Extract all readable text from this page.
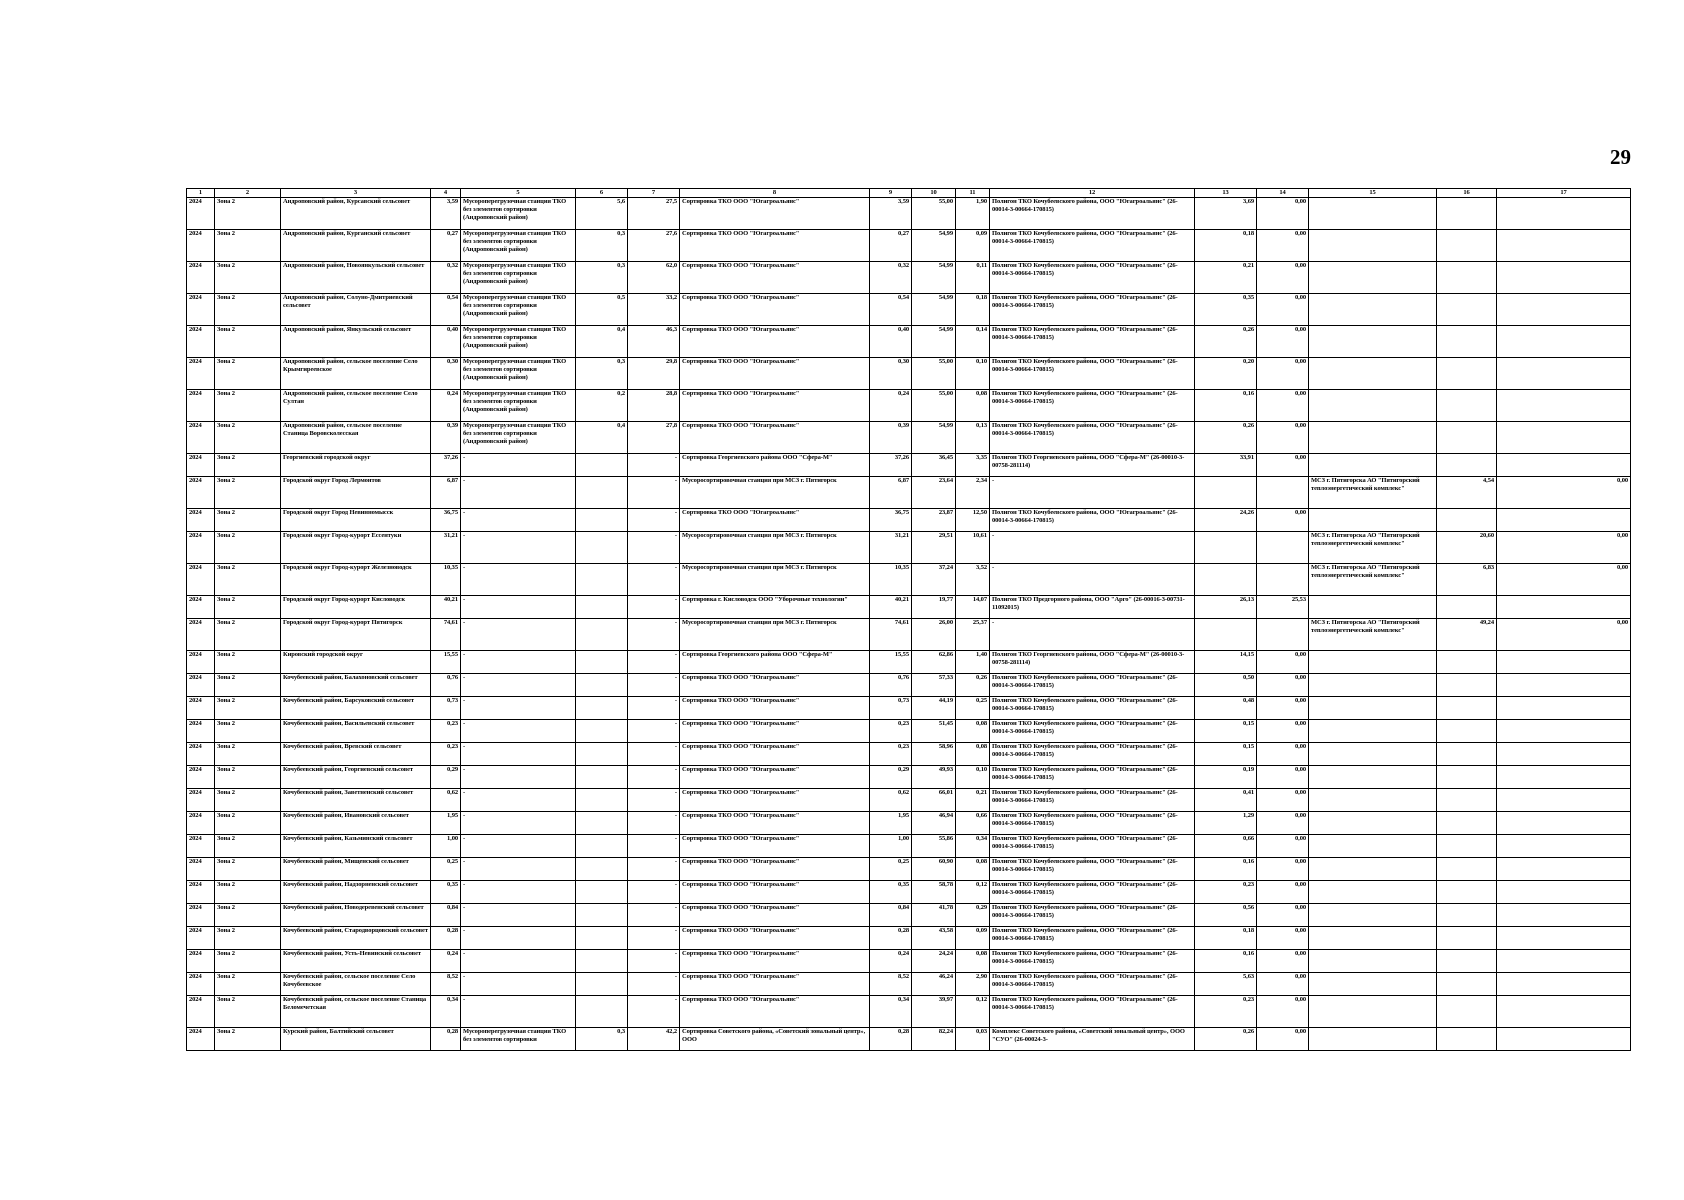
29
1	2	3	4	5	6	7	8	9	10	11	12	13	14	15	16	17
2024	Зона 2	Андроповский район, Курсавский сельсовет	3,59	Мусороперегрузочная станция ТКО без элементов сортировки (Андроповский район)	5,6	27,5	Сортировка ТКО ООО "Югагроальянс"	3,59	55,00	1,90	Полигон ТКО Кочубеевского района, ООО "Югагроальянс" (26-00014-3-00664-170815)	3,69	0,00			
2024	Зона 2	Андроповский район, Курганский сельсовет	0,27	Мусороперегрузочная станция ТКО без элементов сортировки (Андроповский район)	0,3	27,6	Сортировка ТКО ООО "Югагроальянс"	0,27	54,99	0,09	Полигон ТКО Кочубеевского района, ООО "Югагроальянс" (26-00014-3-00664-170815)	0,18	0,00			
2024	Зона 2	Андроповский район, Новоянкульский сельсовет	0,32	Мусороперегрузочная станция ТКО без элементов сортировки (Андроповский район)	0,3	62,0	Сортировка ТКО ООО "Югагроальянс"	0,32	54,99	0,11	Полигон ТКО Кочубеевского района, ООО "Югагроальянс" (26-00014-3-00664-170815)	0,21	0,00			
2024	Зона 2	Андроповский район, Солуно-Дмитриевский сельсовет	0,54	Мусороперегрузочная станция ТКО без элементов сортировки (Андроповский район)	0,5	33,2	Сортировка ТКО ООО "Югагроальянс"	0,54	54,99	0,18	Полигон ТКО Кочубеевского района, ООО "Югагроальянс" (26-00014-3-00664-170815)	0,35	0,00			
2024	Зона 2	Андроповский район, Янкульский сельсовет	0,40	Мусороперегрузочная станция ТКО без элементов сортировки (Андроповский район)	0,4	46,3	Сортировка ТКО ООО "Югагроальянс"	0,40	54,99	0,14	Полигон ТКО Кочубеевского района, ООО "Югагроальянс" (26-00014-3-00664-170815)	0,26	0,00			
2024	Зона 2	Андроповский район, сельское поселение Село Крымгиреевское	0,30	Мусороперегрузочная станция ТКО без элементов сортировки (Андроповский район)	0,3	29,8	Сортировка ТКО ООО "Югагроальянс"	0,30	55,00	0,10	Полигон ТКО Кочубеевского района, ООО "Югагроальянс" (26-00014-3-00664-170815)	0,20	0,00			
2024	Зона 2	Андроповский район, сельское поселение Село Султан	0,24	Мусороперегрузочная станция ТКО без элементов сортировки (Андроповский район)	0,2	28,8	Сортировка ТКО ООО "Югагроальянс"	0,24	55,00	0,08	Полигон ТКО Кочубеевского района, ООО "Югагроальянс" (26-00014-3-00664-170815)	0,16	0,00			
2024	Зона 2	Андроповский район, сельское поселение Станица Воровсколесская	0,39	Мусороперегрузочная станция ТКО без элементов сортировки (Андроповский район)	0,4	27,8	Сортировка ТКО ООО "Югагроальянс"	0,39	54,99	0,13	Полигон ТКО Кочубеевского района, ООО "Югагроальянс" (26-00014-3-00664-170815)	0,26	0,00			
2024	Зона 2	Георгиевский городской округ	37,26	-		-	Сортировка Георгиевского района ООО "Сфера-М"	37,26	36,45	3,35	Полигон ТКО Георгиевского района, ООО "Сфера-М" (26-00010-3-00758-281114)	33,91	0,00			
2024	Зона 2	Городской округ Город Лермонтов	6,87	-		-	Мусоросортировочная станция при МСЗ г. Пятигорск	6,87	23,64	2,34	-			МСЗ г. Пятигорска АО "Пятигорский теплоэнергетический комплекс"	4,54	0,00
2024	Зона 2	Городской округ Город Невинномысск	36,75	-		-	Сортировка ТКО ООО "Югагроальянс"	36,75	23,87	12,50	Полигон ТКО Кочубеевского района, ООО "Югагроальянс" (26-00014-3-00664-170815)	24,26	0,00			
2024	Зона 2	Городской округ Город-курорт Ессентуки	31,21	-		-	Мусоросортировочная станция при МСЗ г. Пятигорск	31,21	29,51	10,61	-			МСЗ г. Пятигорска АО "Пятигорский теплоэнергетический комплекс"	20,60	0,00
2024	Зона 2	Городской округ Город-курорт Железноводск	10,35	-		-	Мусоросортировочная станция при МСЗ г. Пятигорск	10,35	37,24	3,52	-			МСЗ г. Пятигорска АО "Пятигорский теплоэнергетический комплекс"	6,83	0,00
2024	Зона 2	Городской округ Город-курорт Кисловодск	40,21	-		-	Сортировка г. Кисловодск ООО "Уборочные технологии"	40,21	19,77	14,07	Полигон ТКО Предгорного района, ООО "Арго" (26-00016-3-00731-11092015)	26,13	25,53			
2024	Зона 2	Городской округ Город-курорт Пятигорск	74,61	-		-	Мусоросортировочная станция при МСЗ г. Пятигорск	74,61	26,00	25,37	-			МСЗ г. Пятигорска АО "Пятигорский теплоэнергетический комплекс"	49,24	0,00
2024	Зона 2	Кировский городской округ	15,55	-		-	Сортировка Георгиевского района ООО "Сфера-М"	15,55	62,86	1,40	Полигон ТКО Георгиевского района, ООО "Сфера-М" (26-00010-3-00758-281114)	14,15	0,00			
2024	Зона 2	Кочубеевский район, Балахоновский сельсовет	0,76	-		-	Сортировка ТКО ООО "Югагроальянс"	0,76	57,33	0,26	Полигон ТКО Кочубеевского района, ООО "Югагроальянс" (26-00014-3-00664-170815)	0,50	0,00			
2024	Зона 2	Кочубеевский район, Барсуковский сельсовет	0,73	-		-	Сортировка ТКО ООО "Югагроальянс"	0,73	44,19	0,25	Полигон ТКО Кочубеевского района, ООО "Югагроальянс" (26-00014-3-00664-170815)	0,48	0,00			
2024	Зона 2	Кочубеевский район, Васильевский сельсовет	0,23	-		-	Сортировка ТКО ООО "Югагроальянс"	0,23	51,45	0,08	Полигон ТКО Кочубеевского района, ООО "Югагроальянс" (26-00014-3-00664-170815)	0,15	0,00			
2024	Зона 2	Кочубеевский район, Вревский сельсовет	0,23	-		-	Сортировка ТКО ООО "Югагроальянс"	0,23	58,96	0,08	Полигон ТКО Кочубеевского района, ООО "Югагроальянс" (26-00014-3-00664-170815)	0,15	0,00			
2024	Зона 2	Кочубеевский район, Георгиевский сельсовет	0,29	-		-	Сортировка ТКО ООО "Югагроальянс"	0,29	49,93	0,10	Полигон ТКО Кочубеевского района, ООО "Югагроальянс" (26-00014-3-00664-170815)	0,19	0,00			
2024	Зона 2	Кочубеевский район, Заветненский сельсовет	0,62	-		-	Сортировка ТКО ООО "Югагроальянс"	0,62	66,01	0,21	Полигон ТКО Кочубеевского района, ООО "Югагроальянс" (26-00014-3-00664-170815)	0,41	0,00			
2024	Зона 2	Кочубеевский район, Ивановский сельсовет	1,95	-		-	Сортировка ТКО ООО "Югагроальянс"	1,95	46,94	0,66	Полигон ТКО Кочубеевского района, ООО "Югагроальянс" (26-00014-3-00664-170815)	1,29	0,00			
2024	Зона 2	Кочубеевский район, Казьминский сельсовет	1,00	-		-	Сортировка ТКО ООО "Югагроальянс"	1,00	55,86	0,34	Полигон ТКО Кочубеевского района, ООО "Югагроальянс" (26-00014-3-00664-170815)	0,66	0,00			
2024	Зона 2	Кочубеевский район, Мищенский сельсовет	0,25	-		-	Сортировка ТКО ООО "Югагроальянс"	0,25	60,90	0,08	Полигон ТКО Кочубеевского района, ООО "Югагроальянс" (26-00014-3-00664-170815)	0,16	0,00			
2024	Зона 2	Кочубеевский район, Надзорненский сельсовет	0,35	-		-	Сортировка ТКО ООО "Югагроальянс"	0,35	58,78	0,12	Полигон ТКО Кочубеевского района, ООО "Югагроальянс" (26-00014-3-00664-170815)	0,23	0,00			
2024	Зона 2	Кочубеевский район, Новодеревенский сельсовет	0,84	-		-	Сортировка ТКО ООО "Югагроальянс"	0,84	41,78	0,29	Полигон ТКО Кочубеевского района, ООО "Югагроальянс" (26-00014-3-00664-170815)	0,56	0,00			
2024	Зона 2	Кочубеевский район, Стародворцовский сельсовет	0,28	-		-	Сортировка ТКО ООО "Югагроальянс"	0,28	43,58	0,09	Полигон ТКО Кочубеевского района, ООО "Югагроальянс" (26-00014-3-00664-170815)	0,18	0,00			
2024	Зона 2	Кочубеевский район, Усть-Невинский сельсовет	0,24	-		-	Сортировка ТКО ООО "Югагроальянс"	0,24	24,24	0,08	Полигон ТКО Кочубеевского района, ООО "Югагроальянс" (26-00014-3-00664-170815)	0,16	0,00			
2024	Зона 2	Кочубеевский район, сельское поселение Село Кочубеевское	8,52	-		-	Сортировка ТКО ООО "Югагроальянс"	8,52	46,24	2,90	Полигон ТКО Кочубеевского района, ООО "Югагроальянс" (26-00014-3-00664-170815)	5,63	0,00			
2024	Зона 2	Кочубеевский район, сельское поселение Станица Беломечетская	0,34	-		-	Сортировка ТКО ООО "Югагроальянс"	0,34	39,97	0,12	Полигон ТКО Кочубеевского района, ООО "Югагроальянс" (26-00014-3-00664-170815)	0,23	0,00			
2024	Зона 2	Курский район, Балтийский сельсовет	0,28	Мусороперегрузочная станция ТКО без элементов сортировки	0,3	42,2	Сортировка Советского района, «Советский зональный центр», ООО	0,28	82,24	0,03	Комплекс Советского района, «Советский зональный центр», ООО "СУО" (26-00024-3-	0,26	0,00			
